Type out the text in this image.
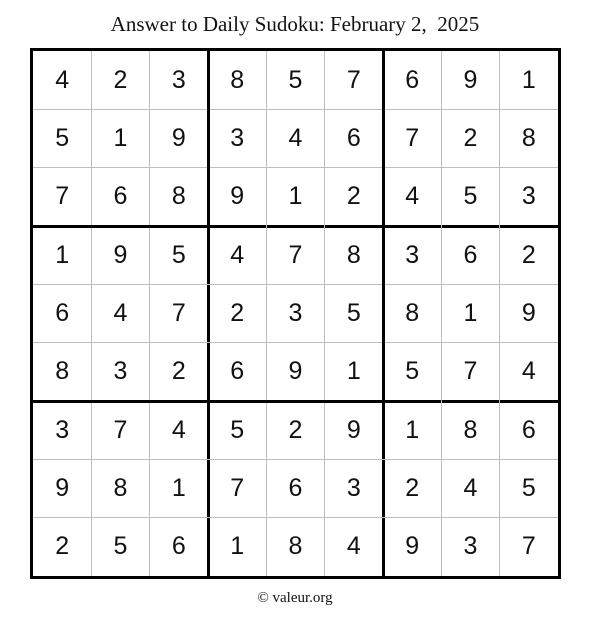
Answer to Daily Sudoku: February 2,  2025
4	2	3	8	5	7	6	9	1
5	1	9	3	4	6	7	2	8
7	6	8	9	1	2	4	5	3
1	9	5	4	7	8	3	6	2
6	4	7	2	3	5	8	1	9
8	3	2	6	9	1	5	7	4
3	7	4	5	2	9	1	8	6
9	8	1	7	6	3	2	4	5
2	5	6	1	8	4	9	3	7
© valeur.org
